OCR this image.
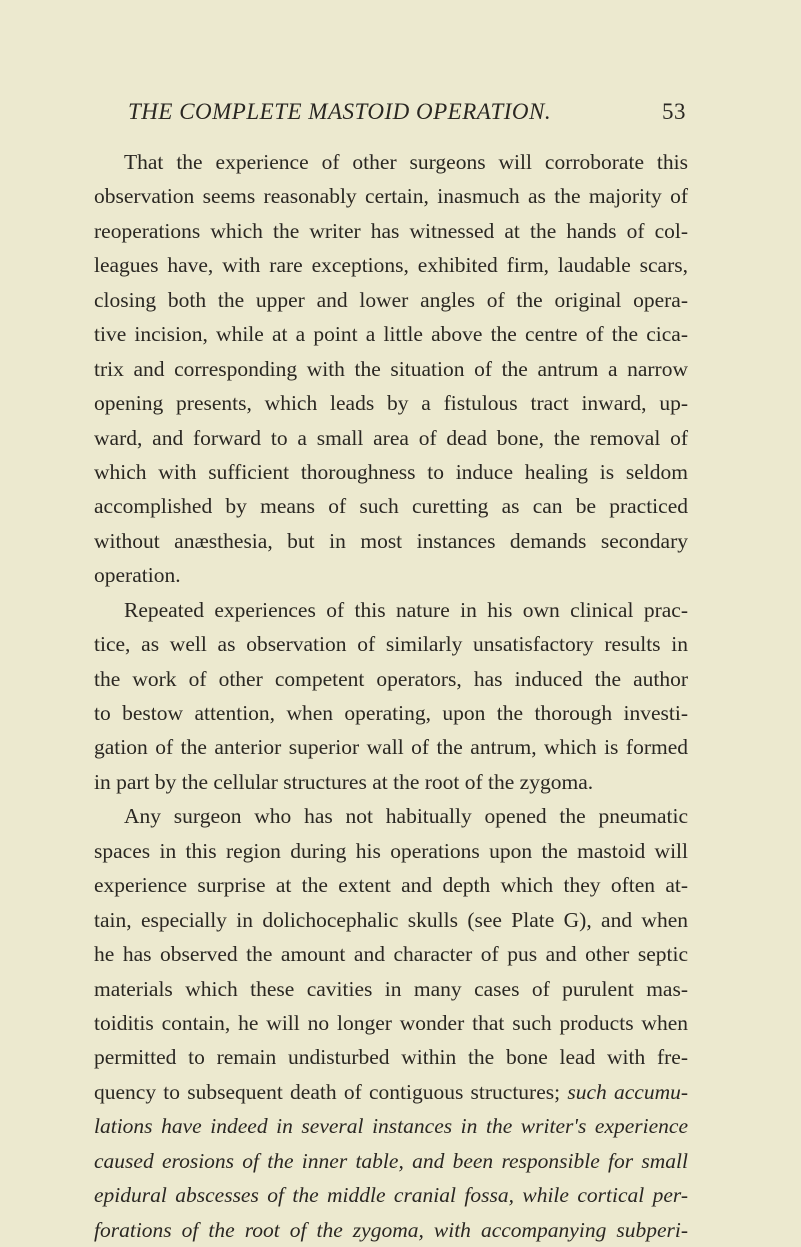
THE COMPLETE MASTOID OPERATION.	53
That the experience of other surgeons will corroborate this
observation seems reasonably certain, inasmuch as the majority of
reoperations which the writer has witnessed at the hands of col-
leagues have, with rare exceptions, exhibited firm, laudable scars,
closing both the upper and lower angles of the original opera-
tive incision, while at a point a little above the centre of the cica-
trix and corresponding with the situation of the antrum a narrow
opening presents, which leads by a fistulous tract inward, up-
ward, and forward to a small area of dead bone, the removal of
which with sufficient thoroughness to induce healing is seldom
accomplished by means of such curetting as can be practiced
without anæsthesia, but in most instances demands secondary
operation.
Repeated experiences of this nature in his own clinical prac-
tice, as well as observation of similarly unsatisfactory results in
the work of other competent operators, has induced the author
to bestow attention, when operating, upon the thorough investi-
gation of the anterior superior wall of the antrum, which is formed
in part by the cellular structures at the root of the zygoma.
Any surgeon who has not habitually opened the pneumatic
spaces in this region during his operations upon the mastoid will
experience surprise at the extent and depth which they often at-
tain, especially in dolichocephalic skulls (see Plate G), and when
he has observed the amount and character of pus and other septic
materials which these cavities in many cases of purulent mas-
toiditis contain, he will no longer wonder that such products when
permitted to remain undisturbed within the bone lead with fre-
quency to subsequent death of contiguous structures; such accumu-
lations have indeed in several instances in the writer's experience
caused erosions of the inner table, and been responsible for small
epidural abscesses of the middle cranial fossa, while cortical per-
forations of the root of the zygoma, with accompanying subperi-
